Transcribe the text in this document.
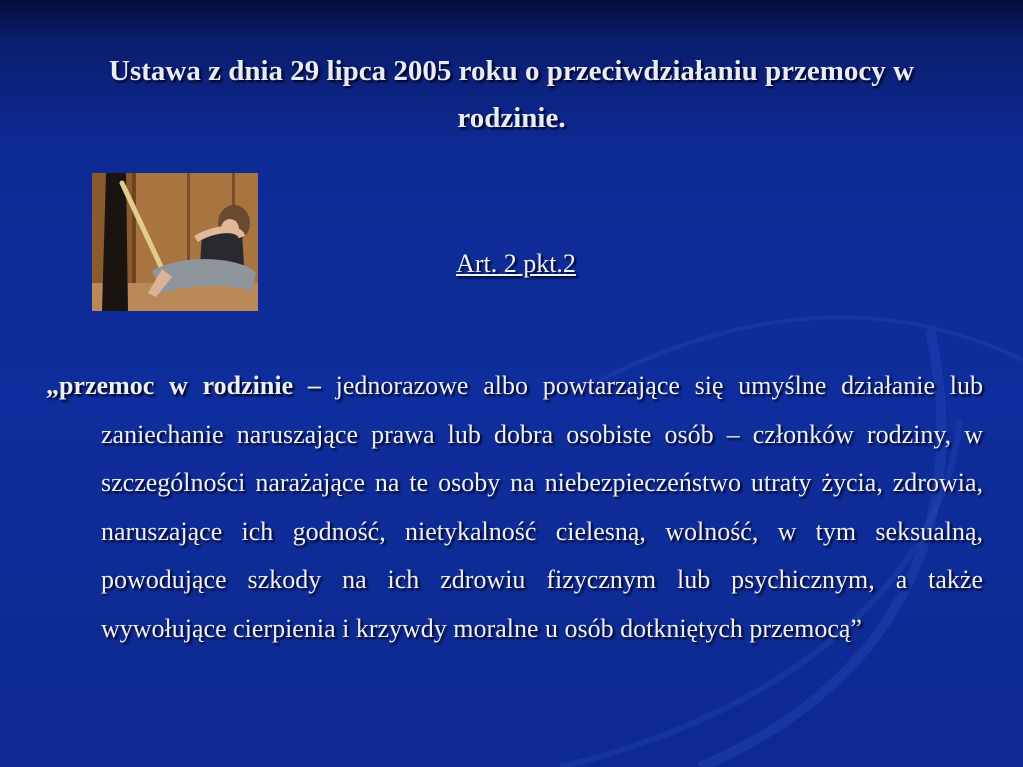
Ustawa z dnia 29 lipca 2005 roku o przeciwdziałaniu przemocy w rodzinie.
Art. 2 pkt.2
„przemoc w rodzinie – jednorazowe albo powtarzające się umyślne działanie lub zaniechanie naruszające prawa lub dobra osobiste osób – członków rodziny, w szczególności narażające na te osoby na niebezpieczeństwo utraty życia, zdrowia, naruszające ich godność, nietykalność cielesną, wolność, w tym seksualną, powodujące szkody na ich zdrowiu fizycznym lub psychicznym, a także wywołujące cierpienia i krzywdy moralne u osób dotkniętych przemocą”
